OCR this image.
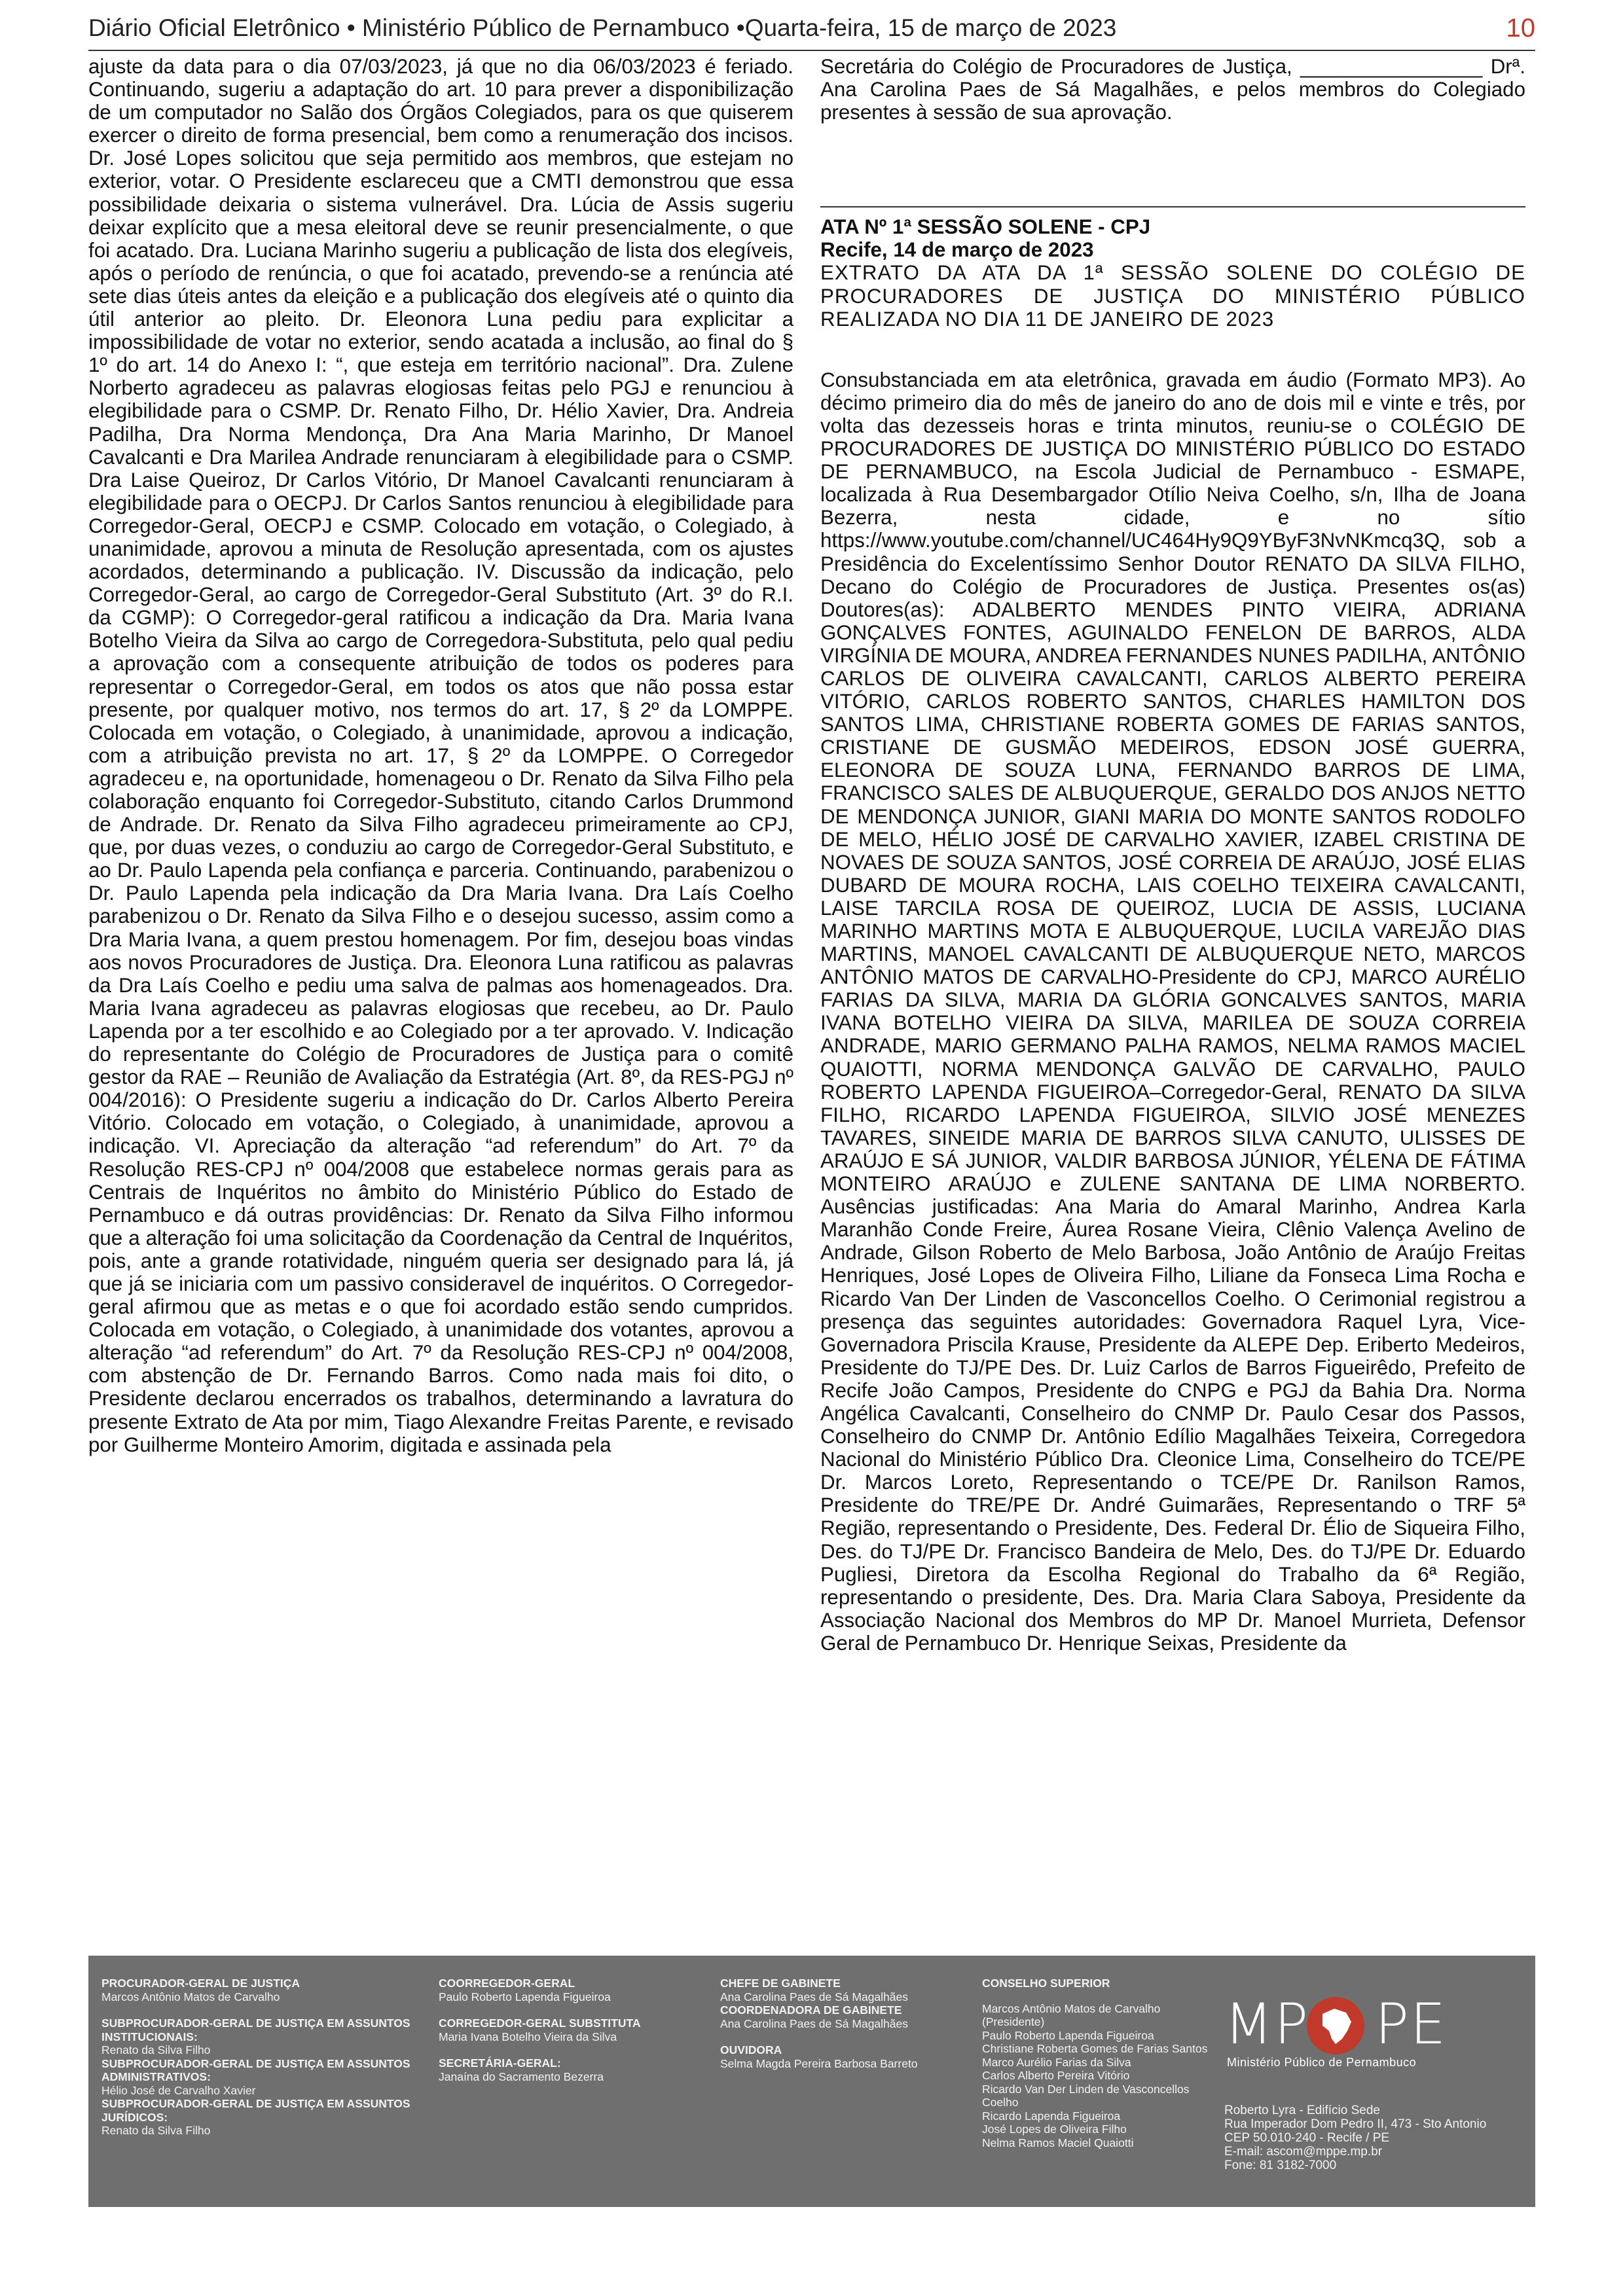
Diário Oficial Eletrônico • Ministério Público de Pernambuco •Quarta-feira, 15 de março de 2023	10

ajuste da data para o dia 07/03/2023, já que no dia 06/03/2023 é feriado. Continuando, sugeriu a adaptação do art. 10 para prever a disponibilização de um computador no Salão dos Órgãos Colegiados, para os que quiserem exercer o direito de forma presencial, bem como a renumeração dos incisos. Dr. José Lopes solicitou que seja permitido aos membros, que estejam no exterior, votar. O Presidente esclareceu que a CMTI demonstrou que essa possibilidade deixaria o sistema vulnerável. Dra. Lúcia de Assis sugeriu deixar explícito que a mesa eleitoral deve se reunir presencialmente, o que foi acatado. Dra. Luciana Marinho sugeriu a publicação de lista dos elegíveis, após o período de renúncia, o que foi acatado, prevendo-se a renúncia até sete dias úteis antes da eleição e a publicação dos elegíveis até o quinto dia útil anterior ao pleito. Dr. Eleonora Luna pediu para explicitar a impossibilidade de votar no exterior, sendo acatada a inclusão, ao final do § 1º do art. 14 do Anexo I: “, que esteja em território nacional”. Dra. Zulene Norberto agradeceu as palavras elogiosas feitas pelo PGJ e renunciou à elegibilidade para o CSMP. Dr. Renato Filho, Dr. Hélio Xavier, Dra. Andreia Padilha, Dra Norma Mendonça, Dra Ana Maria Marinho, Dr Manoel Cavalcanti e Dra Marilea Andrade renunciaram à elegibilidade para o CSMP. Dra Laise Queiroz, Dr Carlos Vitório, Dr Manoel Cavalcanti renunciaram à elegibilidade para o OECPJ. Dr Carlos Santos renunciou à elegibilidade para Corregedor-Geral, OECPJ e CSMP. Colocado em votação, o Colegiado, à unanimidade, aprovou a minuta de Resolução apresentada, com os ajustes acordados, determinando a publicação. IV. Discussão da indicação, pelo Corregedor-Geral, ao cargo de Corregedor-Geral Substituto (Art. 3º do R.I. da CGMP): O Corregedor-geral ratificou a indicação da Dra. Maria Ivana Botelho Vieira da Silva ao cargo de Corregedora-Substituta, pelo qual pediu a aprovação com a consequente atribuição de todos os poderes para representar o Corregedor-Geral, em todos os atos que não possa estar presente, por qualquer motivo, nos termos do art. 17, § 2º da LOMPPE. Colocada em votação, o Colegiado, à unanimidade, aprovou a indicação, com a atribuição prevista no art. 17, § 2º da LOMPPE. O Corregedor agradeceu e, na oportunidade, homenageou o Dr. Renato da Silva Filho pela colaboração enquanto foi Corregedor-Substituto, citando Carlos Drummond de Andrade. Dr. Renato da Silva Filho agradeceu primeiramente ao CPJ, que, por duas vezes, o conduziu ao cargo de Corregedor-Geral Substituto, e ao Dr. Paulo Lapenda pela confiança e parceria. Continuando, parabenizou o Dr. Paulo Lapenda pela indicação da Dra Maria Ivana. Dra Laís Coelho parabenizou o Dr. Renato da Silva Filho e o desejou sucesso, assim como a Dra Maria Ivana, a quem prestou homenagem. Por fim, desejou boas vindas aos novos Procuradores de Justiça. Dra. Eleonora Luna ratificou as palavras da Dra Laís Coelho e pediu uma salva de palmas aos homenageados. Dra. Maria Ivana agradeceu as palavras elogiosas que recebeu, ao Dr. Paulo Lapenda por a ter escolhido e ao Colegiado por a ter aprovado. V. Indicação do representante do Colégio de Procuradores de Justiça para o comitê gestor da RAE – Reunião de Avaliação da Estratégia (Art. 8º, da RES-PGJ nº 004/2016): O Presidente sugeriu a indicação do Dr. Carlos Alberto Pereira Vitório. Colocado em votação, o Colegiado, à unanimidade, aprovou a indicação. VI. Apreciação da alteração “ad referendum” do Art. 7º da Resolução RES-CPJ nº 004/2008 que estabelece normas gerais para as Centrais de Inquéritos no âmbito do Ministério Público do Estado de Pernambuco e dá outras providências: Dr. Renato da Silva Filho informou que a alteração foi uma solicitação da Coordenação da Central de Inquéritos, pois, ante a grande rotatividade, ninguém queria ser designado para lá, já que já se iniciaria com um passivo consideravel de inquéritos. O Corregedor-geral afirmou que as metas e o que foi acordado estão sendo cumpridos. Colocada em votação, o Colegiado, à unanimidade dos votantes, aprovou a alteração “ad referendum” do Art. 7º da Resolução RES-CPJ nº 004/2008, com abstenção de Dr. Fernando Barros. Como nada mais foi dito, o Presidente declarou encerrados os trabalhos, determinando a lavratura do presente Extrato de Ata por mim, Tiago Alexandre Freitas Parente, e revisado por Guilherme Monteiro Amorim, digitada e assinada pela

Secretária do Colégio de Procuradores de Justiça, ________________ Drª. Ana Carolina Paes de Sá Magalhães, e pelos membros do Colegiado presentes à sessão de sua aprovação.

ATA Nº 1ª SESSÃO SOLENE - CPJ

Recife, 14 de março de 2023

EXTRATO DA ATA DA 1ª SESSÃO SOLENE DO COLÉGIO DE PROCURADORES DE JUSTIÇA DO MINISTÉRIO PÚBLICO REALIZADA NO DIA 11 DE JANEIRO DE 2023

Consubstanciada em ata eletrônica, gravada em áudio (Formato MP3). Ao décimo primeiro dia do mês de janeiro do ano de dois mil e vinte e três, por volta das dezesseis horas e trinta minutos, reuniu-se o COLÉGIO DE PROCURADORES DE JUSTIÇA DO MINISTÉRIO PÚBLICO DO ESTADO DE PERNAMBUCO, na Escola Judicial de Pernambuco - ESMAPE, localizada à Rua Desembargador Otílio Neiva Coelho, s/n, Ilha de Joana Bezerra, nesta cidade, e no sítio https://www.youtube.com/channel/UC464Hy9Q9YByF3NvNKmcq3Q, sob a Presidência do Excelentíssimo Senhor Doutor RENATO DA SILVA FILHO, Decano do Colégio de Procuradores de Justiça. Presentes os(as) Doutores(as): ADALBERTO MENDES PINTO VIEIRA, ADRIANA GONÇALVES FONTES, AGUINALDO FENELON DE BARROS, ALDA VIRGÍNIA DE MOURA, ANDREA FERNANDES NUNES PADILHA, ANTÔNIO CARLOS DE OLIVEIRA CAVALCANTI, CARLOS ALBERTO PEREIRA VITÓRIO, CARLOS ROBERTO SANTOS, CHARLES HAMILTON DOS SANTOS LIMA, CHRISTIANE ROBERTA GOMES DE FARIAS SANTOS, CRISTIANE DE GUSMÃO MEDEIROS, EDSON JOSÉ GUERRA, ELEONORA DE SOUZA LUNA, FERNANDO BARROS DE LIMA, FRANCISCO SALES DE ALBUQUERQUE, GERALDO DOS ANJOS NETTO DE MENDONÇA JUNIOR, GIANI MARIA DO MONTE SANTOS RODOLFO DE MELO, HÉLIO JOSÉ DE CARVALHO XAVIER, IZABEL CRISTINA DE NOVAES DE SOUZA SANTOS, JOSÉ CORREIA DE ARAÚJO, JOSÉ ELIAS DUBARD DE MOURA ROCHA, LAIS COELHO TEIXEIRA CAVALCANTI, LAISE TARCILA ROSA DE QUEIROZ, LUCIA DE ASSIS, LUCIANA MARINHO MARTINS MOTA E ALBUQUERQUE, LUCILA VAREJÃO DIAS MARTINS, MANOEL CAVALCANTI DE ALBUQUERQUE NETO, MARCOS ANTÔNIO MATOS DE CARVALHO-Presidente do CPJ, MARCO AURÉLIO FARIAS DA SILVA, MARIA DA GLÓRIA GONCALVES SANTOS, MARIA IVANA BOTELHO VIEIRA DA SILVA, MARILEA DE SOUZA CORREIA ANDRADE, MARIO GERMANO PALHA RAMOS, NELMA RAMOS MACIEL QUAIOTTI, NORMA MENDONÇA GALVÃO DE CARVALHO, PAULO ROBERTO LAPENDA FIGUEIROA–Corregedor-Geral, RENATO DA SILVA FILHO, RICARDO LAPENDA FIGUEIROA, SILVIO JOSÉ MENEZES TAVARES, SINEIDE MARIA DE BARROS SILVA CANUTO, ULISSES DE ARAÚJO E SÁ JUNIOR, VALDIR BARBOSA JÚNIOR, YÉLENA DE FÁTIMA MONTEIRO ARAÚJO e ZULENE SANTANA DE LIMA NORBERTO. Ausências justificadas: Ana Maria do Amaral Marinho, Andrea Karla Maranhão Conde Freire, Áurea Rosane Vieira, Clênio Valença Avelino de Andrade, Gilson Roberto de Melo Barbosa, João Antônio de Araújo Freitas Henriques, José Lopes de Oliveira Filho, Liliane da Fonseca Lima Rocha e Ricardo Van Der Linden de Vasconcellos Coelho. O Cerimonial registrou a presença das seguintes autoridades: Governadora Raquel Lyra, Vice-Governadora Priscila Krause, Presidente da ALEPE Dep. Eriberto Medeiros, Presidente do TJ/PE Des. Dr. Luiz Carlos de Barros Figueirêdo, Prefeito de Recife João Campos, Presidente do CNPG e PGJ da Bahia Dra. Norma Angélica Cavalcanti, Conselheiro do CNMP Dr. Paulo Cesar dos Passos, Conselheiro do CNMP Dr. Antônio Edílio Magalhães Teixeira, Corregedora Nacional do Ministério Público Dra. Cleonice Lima, Conselheiro do TCE/PE Dr. Marcos Loreto, Representando o TCE/PE Dr. Ranilson Ramos, Presidente do TRE/PE Dr. André Guimarães, Representando o TRF 5ª Região, representando o Presidente, Des. Federal Dr. Élio de Siqueira Filho, Des. do TJ/PE Dr. Francisco Bandeira de Melo, Des. do TJ/PE Dr. Eduardo Pugliesi, Diretora da Escolha Regional do Trabalho da 6ª Região, representando o presidente, Des. Dra. Maria Clara Saboya, Presidente da Associação Nacional dos Membros do MP Dr. Manoel Murrieta, Defensor Geral de Pernambuco Dr. Henrique Seixas, Presidente da

PROCURADOR-GERAL DE JUSTIÇA
Marcos Antônio Matos de Carvalho
SUBPROCURADOR-GERAL DE JUSTIÇA EM ASSUNTOS INSTITUCIONAIS:
Renato da Silva Filho
SUBPROCURADOR-GERAL DE JUSTIÇA EM ASSUNTOS ADMINISTRATIVOS:
Hélio José de Carvalho Xavier
SUBPROCURADOR-GERAL DE JUSTIÇA EM ASSUNTOS JURÍDICOS:
Renato da Silva Filho
COORREGEDOR-GERAL
Paulo Roberto Lapenda Figueiroa
CORREGEDOR-GERAL SUBSTITUTA
Maria Ivana Botelho Vieira da Silva
SECRETÁRIA-GERAL:
Janaína do Sacramento Bezerra
CHEFE DE GABINETE
Ana Carolina Paes de Sá Magalhães
COORDENADORA DE GABINETE
Ana Carolina Paes de Sá Magalhães
OUVIDORA
Selma Magda Pereira Barbosa Barreto
CONSELHO SUPERIOR
Marcos Antônio Matos de Carvalho (Presidente)
Paulo Roberto Lapenda Figueiroa
Christiane Roberta Gomes de Farias Santos
Marco Aurélio Farias da Silva
Carlos Alberto Pereira Vitório
Ricardo Van Der Linden de Vasconcellos Coelho
Ricardo Lapenda Figueiroa
José Lopes de Oliveira Filho
Nelma Ramos Maciel Quaiotti
MP PE
Ministério Público de Pernambuco
Roberto Lyra - Edifício Sede
Rua Imperador Dom Pedro II, 473 - Sto Antonio
CEP 50.010-240 - Recife / PE
E-mail: ascom@mppe.mp.br
Fone: 81 3182-7000
